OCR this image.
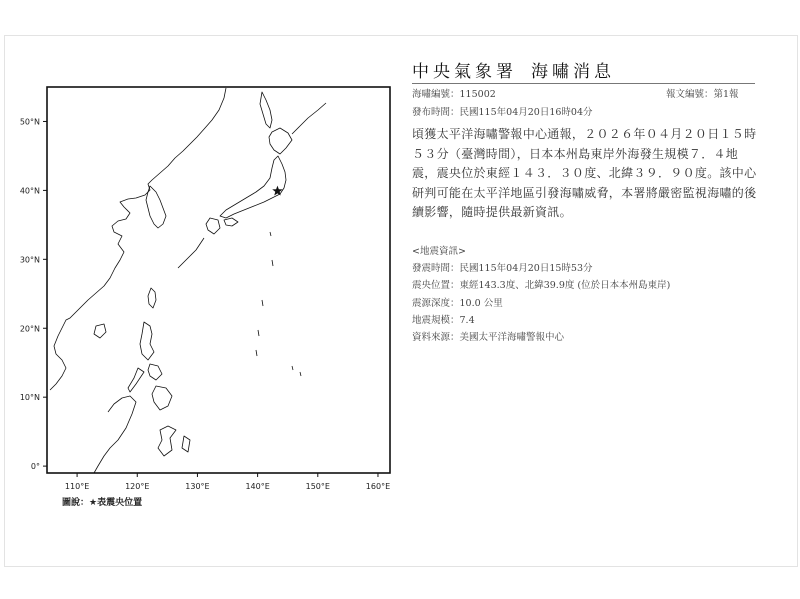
110°E	120°E	130°E	140°E	150°E	160°E
0°
10°N
20°N
30°N
40°N
50°N
圖說：★表震央位置
中央氣象署 海嘯消息
海嘯編號：115002	報文編號：第1報
發布時間：民國115年04月20日16時04分
頃獲太平洋海嘯警報中心通報，２０２６年０４月２０日１５時５３分（臺灣時間），日本本州島東岸外海發生規模７．４地震，震央位於東經１４３．３０度、北緯３９．９０度。該中心研判可能在太平洋地區引發海嘯威脅，本署將嚴密監視海嘯的後續影響，隨時提供最新資訊。
<地震資訊>
發震時間：民國115年04月20日15時53分
震央位置：東經143.3度、北緯39.9度 (位於日本本州島東岸)
震源深度：10.0 公里
地震規模：7.4
資料來源：美國太平洋海嘯警報中心
